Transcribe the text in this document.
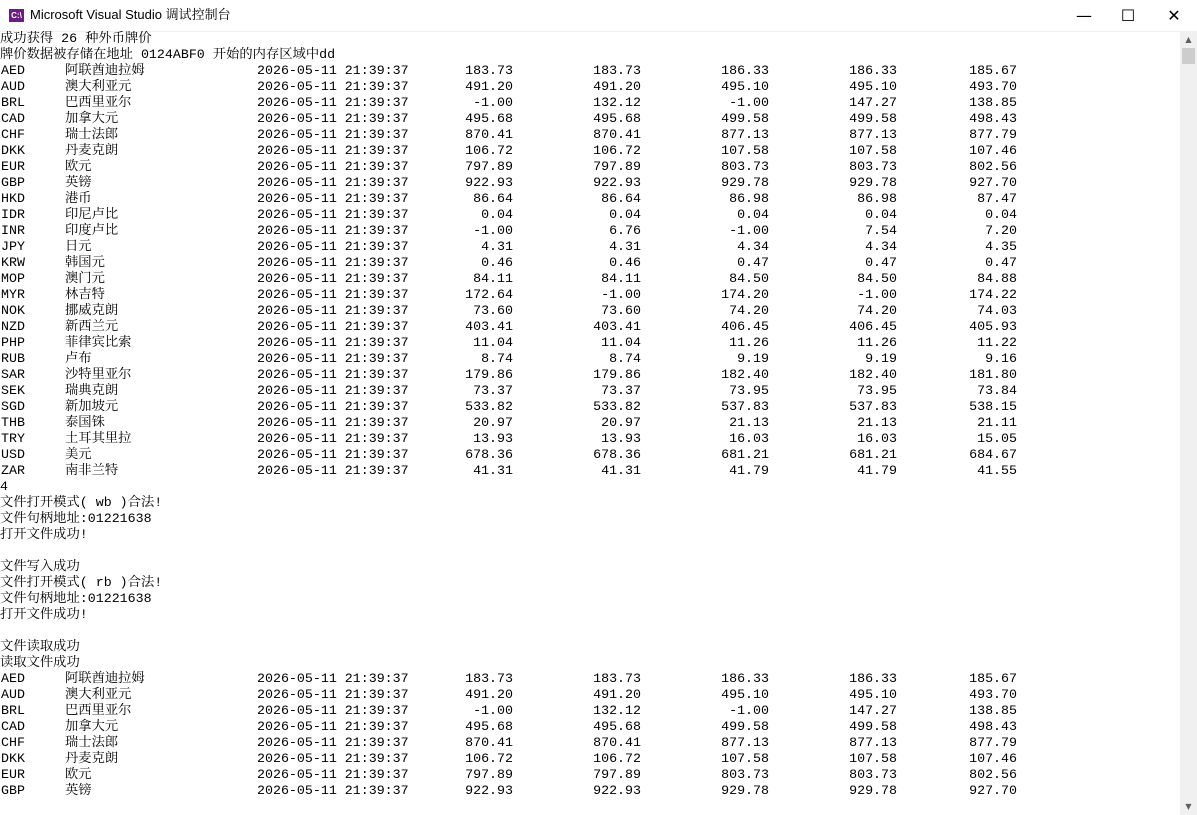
C:\ Microsoft Visual Studio 调试控制台	—	☐	✕
成功获得 26 种外币牌价
牌价数据被存储在地址 0124ABF0 开始的内存区域中dd
AED	阿联酋迪拉姆	2026-05-11 21:39:37	183.73	183.73	186.33	186.33	185.67
AUD	澳大利亚元	2026-05-11 21:39:37	491.20	491.20	495.10	495.10	493.70
BRL	巴西里亚尔	2026-05-11 21:39:37	-1.00	132.12	-1.00	147.27	138.85
CAD	加拿大元	2026-05-11 21:39:37	495.68	495.68	499.58	499.58	498.43
CHF	瑞士法郎	2026-05-11 21:39:37	870.41	870.41	877.13	877.13	877.79
DKK	丹麦克朗	2026-05-11 21:39:37	106.72	106.72	107.58	107.58	107.46
EUR	欧元	2026-05-11 21:39:37	797.89	797.89	803.73	803.73	802.56
GBP	英镑	2026-05-11 21:39:37	922.93	922.93	929.78	929.78	927.70
HKD	港币	2026-05-11 21:39:37	86.64	86.64	86.98	86.98	87.47
IDR	印尼卢比	2026-05-11 21:39:37	0.04	0.04	0.04	0.04	0.04
INR	印度卢比	2026-05-11 21:39:37	-1.00	6.76	-1.00	7.54	7.20
JPY	日元	2026-05-11 21:39:37	4.31	4.31	4.34	4.34	4.35
KRW	韩国元	2026-05-11 21:39:37	0.46	0.46	0.47	0.47	0.47
MOP	澳门元	2026-05-11 21:39:37	84.11	84.11	84.50	84.50	84.88
MYR	林吉特	2026-05-11 21:39:37	172.64	-1.00	174.20	-1.00	174.22
NOK	挪威克朗	2026-05-11 21:39:37	73.60	73.60	74.20	74.20	74.03
NZD	新西兰元	2026-05-11 21:39:37	403.41	403.41	406.45	406.45	405.93
PHP	菲律宾比索	2026-05-11 21:39:37	11.04	11.04	11.26	11.26	11.22
RUB	卢布	2026-05-11 21:39:37	8.74	8.74	9.19	9.19	9.16
SAR	沙特里亚尔	2026-05-11 21:39:37	179.86	179.86	182.40	182.40	181.80
SEK	瑞典克朗	2026-05-11 21:39:37	73.37	73.37	73.95	73.95	73.84
SGD	新加坡元	2026-05-11 21:39:37	533.82	533.82	537.83	537.83	538.15
THB	泰国铢	2026-05-11 21:39:37	20.97	20.97	21.13	21.13	21.11
TRY	土耳其里拉	2026-05-11 21:39:37	13.93	13.93	16.03	16.03	15.05
USD	美元	2026-05-11 21:39:37	678.36	678.36	681.21	681.21	684.67
ZAR	南非兰特	2026-05-11 21:39:37	41.31	41.31	41.79	41.79	41.55
4
文件打开模式( wb )合法!
文件句柄地址:01221638
打开文件成功!
文件写入成功
文件打开模式( rb )合法!
文件句柄地址:01221638
打开文件成功!
文件读取成功
读取文件成功
AED	阿联酋迪拉姆	2026-05-11 21:39:37	183.73	183.73	186.33	186.33	185.67
AUD	澳大利亚元	2026-05-11 21:39:37	491.20	491.20	495.10	495.10	493.70
BRL	巴西里亚尔	2026-05-11 21:39:37	-1.00	132.12	-1.00	147.27	138.85
CAD	加拿大元	2026-05-11 21:39:37	495.68	495.68	499.58	499.58	498.43
CHF	瑞士法郎	2026-05-11 21:39:37	870.41	870.41	877.13	877.13	877.79
DKK	丹麦克朗	2026-05-11 21:39:37	106.72	106.72	107.58	107.58	107.46
EUR	欧元	2026-05-11 21:39:37	797.89	797.89	803.73	803.73	802.56
GBP	英镑	2026-05-11 21:39:37	922.93	922.93	929.78	929.78	927.70
▲
▼
